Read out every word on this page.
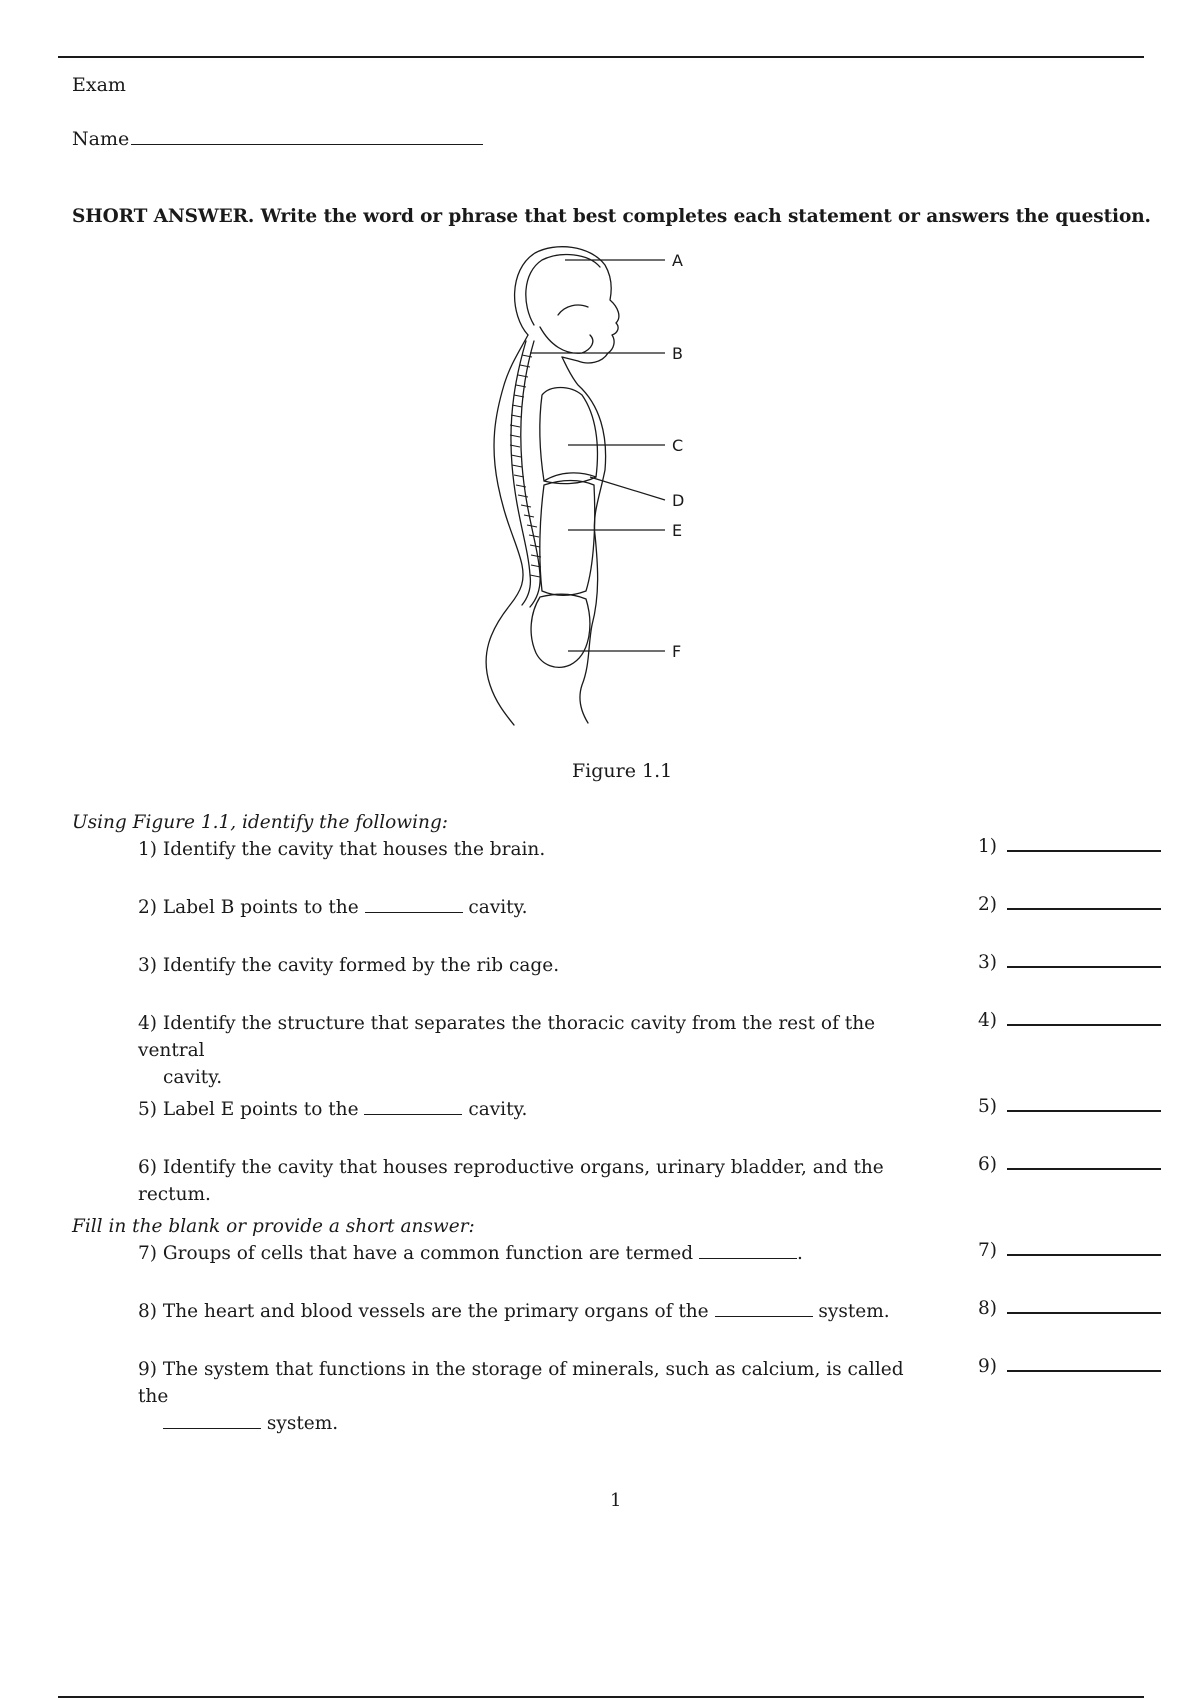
Exam
Name
SHORT ANSWER. Write the word or phrase that best completes each statement or answers the question.
A
B
C
D
E
F
Figure 1.1
Using Figure 1.1, identify the following:
1) Identify the cavity that houses the brain.	1)
2) Label B points to the	cavity.	2)
3) Identify the cavity formed by the rib cage.	3)
4) Identify the structure that separates the thoracic cavity from the rest of the ventral
cavity.
4)
5) Label E points to the	cavity.	5)
6) Identify the cavity that houses reproductive organs, urinary bladder, and the rectum.
6)
Fill in the blank or provide a short answer:
7) Groups of cells that have a common function are termed	.	7)
8) The heart and blood vessels are the primary organs of the	system.	8)
9) The system that functions in the storage of minerals, such as calcium, is called the
system.
9)
1
